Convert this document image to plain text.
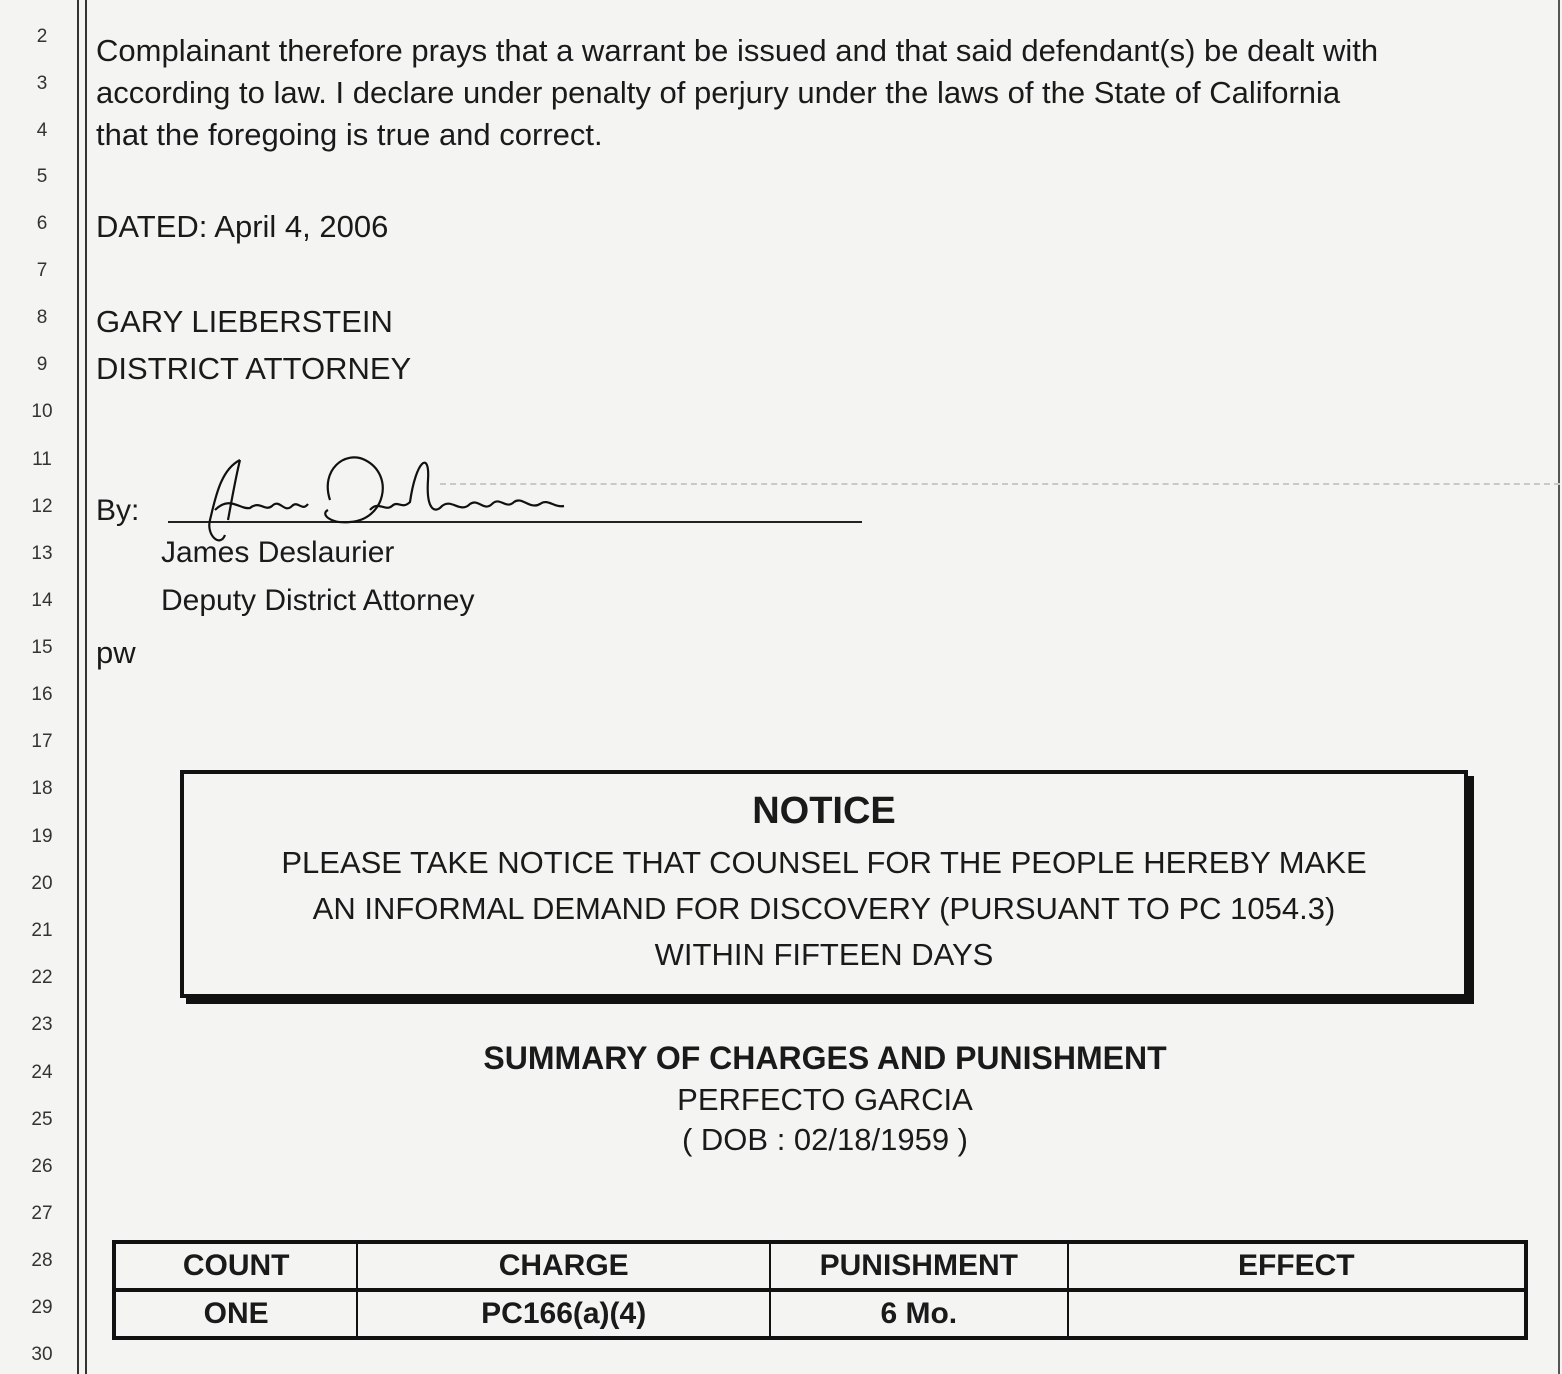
2
3
4
5
6
7
8
9
10
11
12
13
14
15
16
17
18
19
20
21
22
23
24
25
26
27
28
29
30
Complainant therefore prays that a warrant be issued and that said defendant(s) be dealt with
according to law. I declare under penalty of perjury under the laws of the State of California
that the foregoing is true and correct.
DATED: April 4, 2006
GARY LIEBERSTEIN
DISTRICT ATTORNEY
By:
James Deslaurier
Deputy District Attorney
pw
NOTICE
PLEASE TAKE NOTICE THAT COUNSEL FOR THE PEOPLE HEREBY MAKE
AN INFORMAL DEMAND FOR DISCOVERY (PURSUANT TO PC 1054.3)
WITHIN FIFTEEN DAYS
SUMMARY OF CHARGES AND PUNISHMENT
PERFECTO GARCIA
( DOB : 02/18/1959 )
COUNT	CHARGE	PUNISHMENT	EFFECT
ONE	PC166(a)(4)	6 Mo.	
